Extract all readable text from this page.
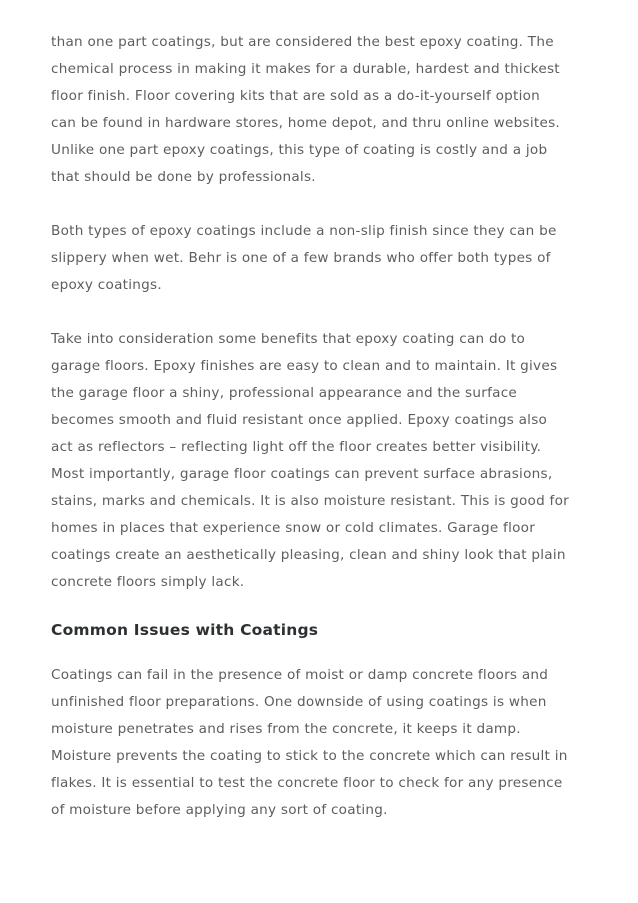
than one part coatings, but are considered the best epoxy coating. The
chemical process in making it makes for a durable, hardest and thickest
floor finish. Floor covering kits that are sold as a do-it-yourself option
can be found in hardware stores, home depot, and thru online websites.
Unlike one part epoxy coatings, this type of coating is costly and a job
that should be done by professionals.
Both types of epoxy coatings include a non-slip finish since they can be
slippery when wet. Behr is one of a few brands who offer both types of
epoxy coatings.
Take into consideration some benefits that epoxy coating can do to
garage floors. Epoxy finishes are easy to clean and to maintain. It gives
the garage floor a shiny, professional appearance and the surface
becomes smooth and fluid resistant once applied. Epoxy coatings also
act as reflectors – reflecting light off the floor creates better visibility.
Most importantly, garage floor coatings can prevent surface abrasions,
stains, marks and chemicals. It is also moisture resistant. This is good for
homes in places that experience snow or cold climates. Garage floor
coatings create an aesthetically pleasing, clean and shiny look that plain
concrete floors simply lack.
Common Issues with Coatings
Coatings can fail in the presence of moist or damp concrete floors and
unfinished floor preparations. One downside of using coatings is when
moisture penetrates and rises from the concrete, it keeps it damp.
Moisture prevents the coating to stick to the concrete which can result in
flakes. It is essential to test the concrete floor to check for any presence
of moisture before applying any sort of coating.
